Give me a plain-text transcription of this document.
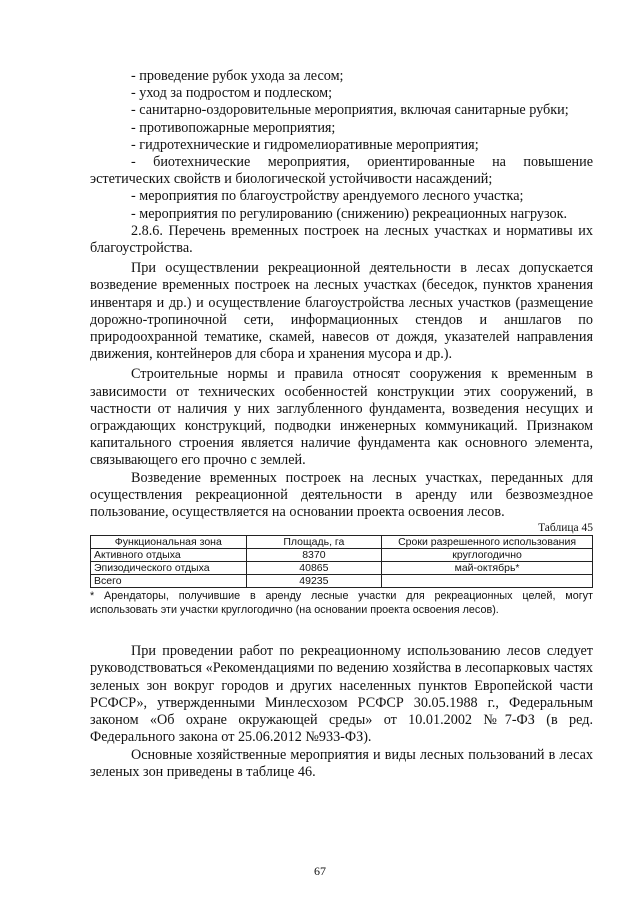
- проведение рубок ухода за лесом;
- уход за подростом и подлеском;
- санитарно-оздоровительные мероприятия, включая санитарные рубки;
- противопожарные мероприятия;
- гидротехнические и гидромелиоративные мероприятия;
- биотехнические мероприятия, ориентированные на повышение эстетических свойств и биологической устойчивости насаждений;
- мероприятия по благоустройству арендуемого лесного участка;
- мероприятия по регулированию (снижению) рекреационных нагрузок.
2.8.6. Перечень временных построек на лесных участках и нормативы их благоустройства.
При осуществлении рекреационной деятельности в лесах допускается возведение временных построек на лесных участках (беседок, пунктов хранения инвентаря и др.) и осуществление благоустройства лесных участков (размещение дорожно-тропиночной сети, информационных стендов и аншлагов по природоохранной тематике, скамей, навесов от дождя, указателей направления движения, контейнеров для сбора и хранения мусора и др.).
Строительные нормы и правила относят сооружения к временным в зависимости от технических особенностей конструкции этих сооружений, в частности от наличия у них заглубленного фундамента, возведения несущих и ограждающих конструкций, подводки инженерных коммуникаций. Признаком капитального строения является наличие фундамента как основного элемента, связывающего его прочно с землей.
Возведение временных построек на лесных участках, переданных для осуществления рекреационной деятельности в аренду или безвозмездное пользование, осуществляется на основании проекта освоения лесов.
Таблица 45
Функциональная зона	Площадь, га	Сроки разрешенного использования
Активного отдыха	8370	круглогодично
Эпизодического отдыха	40865	май-октябрь*
Всего	49235	
* Арендаторы, получившие в аренду лесные участки для рекреационных целей, могут использовать эти участки круглогодично (на основании проекта освоения лесов).
При проведении работ по рекреационному использованию лесов следует руководствоваться «Рекомендациями по ведению хозяйства в лесопарковых частях зеленых зон вокруг городов и других населенных пунктов Европейской части РСФСР», утвержденными Минлесхозом РСФСР 30.05.1988 г., Федеральным законом «Об охране окружающей среды» от 10.01.2002 №7-ФЗ (в ред. Федерального закона от 25.06.2012 №933-ФЗ).
Основные хозяйственные мероприятия и виды лесных пользований в лесах зеленых зон приведены в таблице 46.
67
